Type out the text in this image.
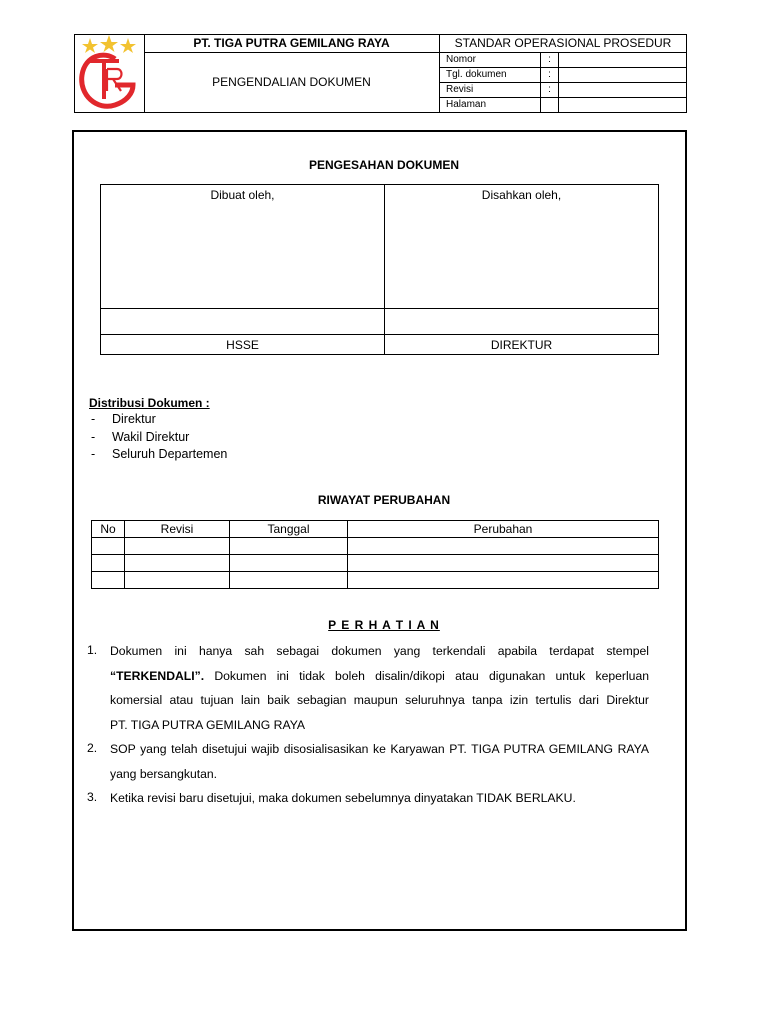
PT. TIGA PUTRA GEMILANG RAYA
PENGENDALIAN DOKUMEN
STANDAR OPERASIONAL PROSEDUR
Nomor	:
Tgl. dokumen	:
Revisi	:
Halaman
PENGESAHAN DOKUMEN
Dibuat oleh,	Disahkan oleh,

HSSE	DIREKTUR
Distribusi Dokumen :
- Direktur
- Wakil Direktur
- Seluruh Departemen
RIWAYAT PERUBAHAN
No	Revisi	Tanggal	Perubahan

P E R H A T I A N
1. Dokumen ini hanya sah sebagai dokumen yang terkendali apabila terdapat stempel
“TERKENDALI”. Dokumen ini tidak boleh disalin/dikopi atau digunakan untuk keperluan
komersial atau tujuan lain baik sebagian maupun seluruhnya tanpa izin tertulis dari Direktur
PT. TIGA PUTRA GEMILANG RAYA
2. SOP yang telah disetujui wajib disosialisasikan ke Karyawan PT. TIGA PUTRA GEMILANG RAYA
yang bersangkutan.
3. Ketika revisi baru disetujui, maka dokumen sebelumnya dinyatakan TIDAK BERLAKU.
